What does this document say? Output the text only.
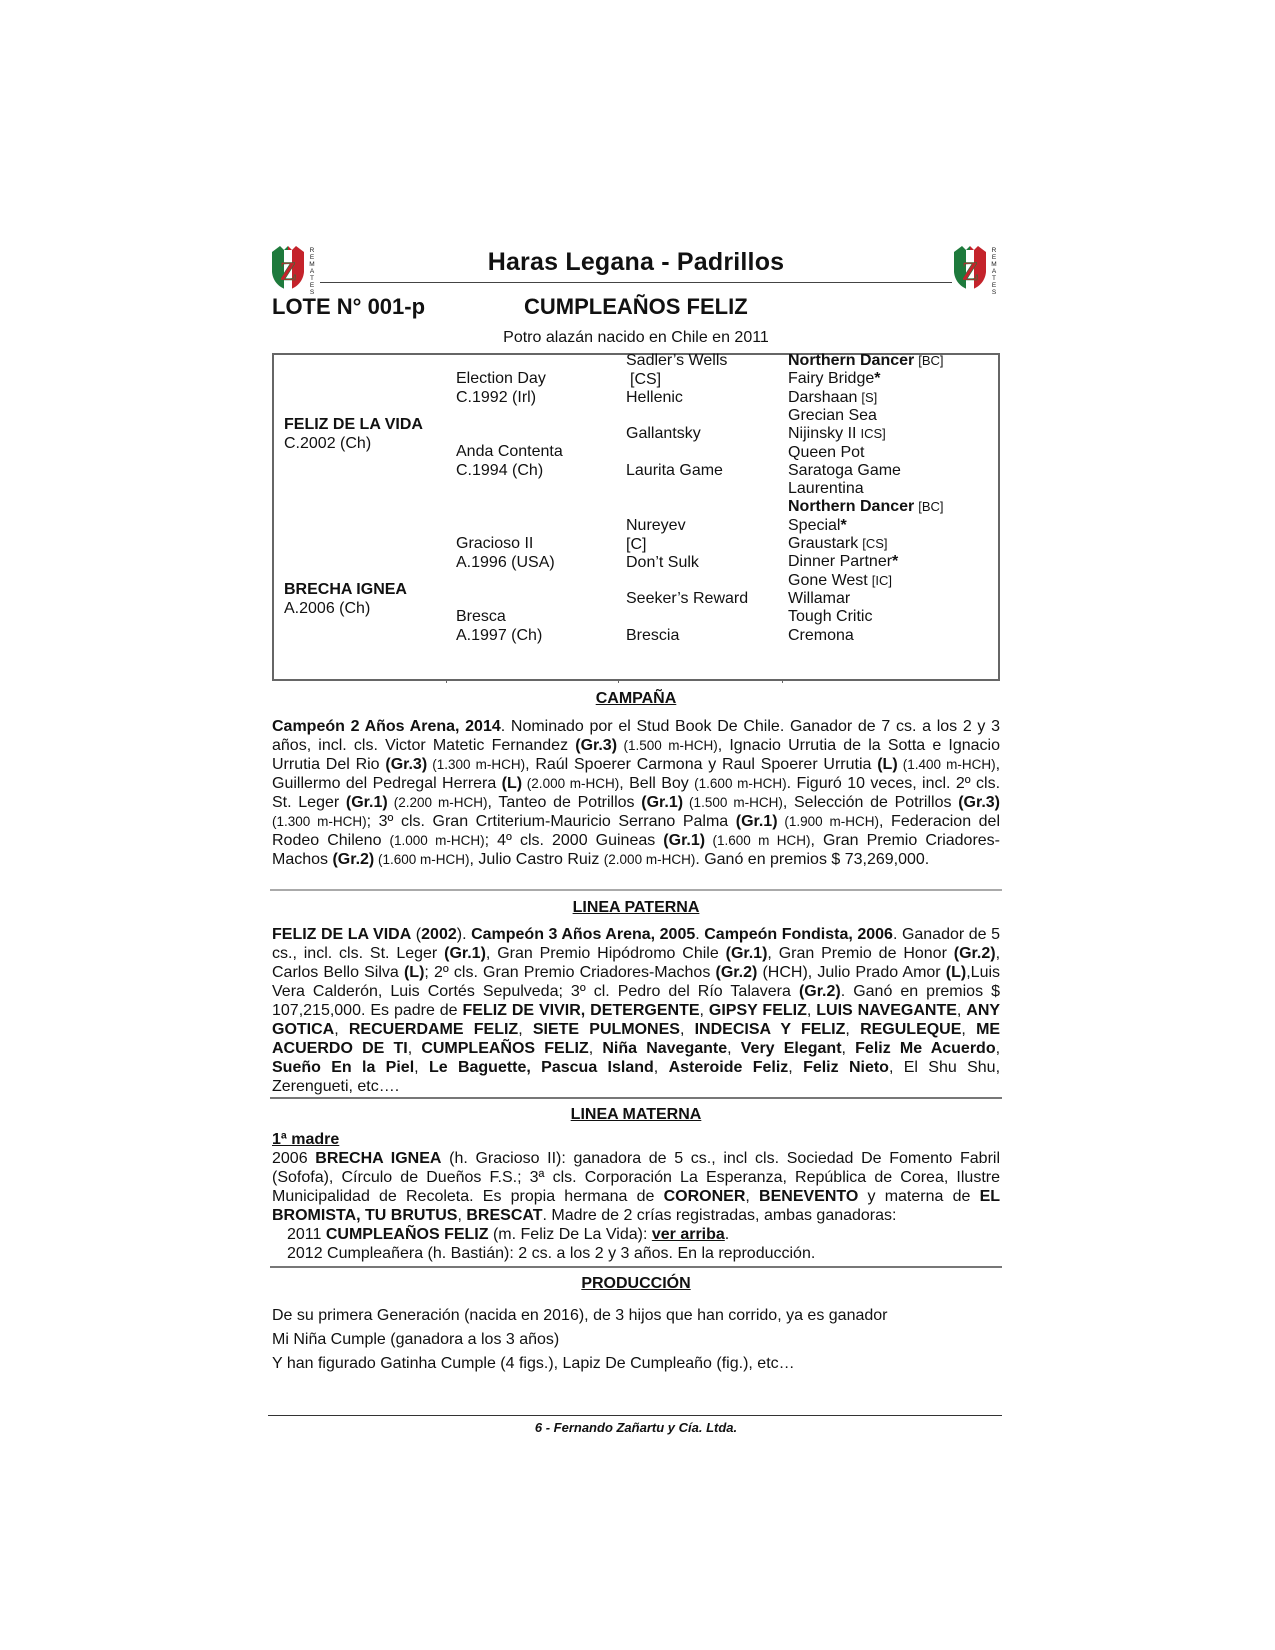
Z
R
E
M
A
T
E
S
Z
R
E
M
A
T
E
S
Haras Legana - Padrillos
LOTE N° 001-p	CUMPLEAÑOS FELIZ
Potro alazán nacido en Chile en 2011
FELIZ DE LA VIDA
C.2002 (Ch)
BRECHA IGNEA
A.2006 (Ch)
Election Day
C.1992 (Irl)
Anda Contenta
C.1994 (Ch)
Gracioso II
A.1996 (USA)
Bresca
A.1997 (Ch)
Sadler’s Wells
[CS]
Hellenic
Gallantsky
Laurita Game
Nureyev
[C]
Don’t Sulk
Seeker’s Reward
Brescia
Northern Dancer [BC]
Fairy Bridge*
Darshaan [S]
Grecian Sea
Nijinsky II ICS]
Queen Pot
Saratoga Game
Laurentina
Northern Dancer [BC]
Special*
Graustark [CS]
Dinner Partner*
Gone West [IC]
Willamar
Tough Critic
Cremona
CAMPAÑA
Campeón 2 Años Arena, 2014. Nominado por el Stud Book De Chile. Ganador de 7 cs. a los 2 y 3 años, incl. cls. Victor Matetic Fernandez (Gr.3) (1.500 m-HCH), Ignacio Urrutia de la Sotta e Ignacio Urrutia Del Rio (Gr.3) (1.300 m-HCH), Raúl Spoerer Carmona y Raul Spoerer Urrutia (L) (1.400 m-HCH), Guillermo del Pedregal Herrera (L) (2.000 m-HCH), Bell Boy (1.600 m-HCH). Figuró 10 veces, incl. 2º cls. St. Leger (Gr.1) (2.200 m-HCH), Tanteo de Potrillos (Gr.1) (1.500 m-HCH), Selección de Potrillos (Gr.3) (1.300 m-HCH); 3º cls. Gran Crtiterium-Mauricio Serrano Palma (Gr.1) (1.900 m-HCH), Federacion del Rodeo Chileno (1.000 m-HCH); 4º cls. 2000 Guineas (Gr.1) (1.600 m HCH), Gran Premio Criadores-Machos (Gr.2) (1.600 m-HCH), Julio Castro Ruiz (2.000 m-HCH). Ganó en premios $ 73,269,000.
LINEA PATERNA
FELIZ DE LA VIDA (2002). Campeón 3 Años Arena, 2005. Campeón Fondista, 2006. Ganador de 5 cs., incl. cls. St. Leger (Gr.1), Gran Premio Hipódromo Chile (Gr.1), Gran Premio de Honor (Gr.2), Carlos Bello Silva (L); 2º cls. Gran Premio Criadores-Machos (Gr.2) (HCH), Julio Prado Amor (L),Luis Vera Calderón, Luis Cortés Sepulveda; 3º cl. Pedro del Río Talavera (Gr.2). Ganó en premios $ 107,215,000. Es padre de FELIZ DE VIVIR, DETERGENTE, GIPSY FELIZ, LUIS NAVEGANTE, ANY GOTICA, RECUERDAME FELIZ, SIETE PULMONES, INDECISA Y FELIZ, REGULEQUE, ME ACUERDO DE TI, CUMPLEAÑOS FELIZ, Niña Navegante, Very Elegant, Feliz Me Acuerdo, Sueño En la Piel, Le Baguette, Pascua Island, Asteroide Feliz, Feliz Nieto, El Shu Shu, Zerengueti, etc….
LINEA MATERNA
1ª madre
2006 BRECHA IGNEA (h. Gracioso II): ganadora de 5 cs., incl cls. Sociedad De Fomento Fabril (Sofofa), Círculo de Dueños F.S.; 3ª cls. Corporación La Esperanza, República de Corea, Ilustre Municipalidad de Recoleta. Es propia hermana de CORONER, BENEVENTO y materna de EL BROMISTA, TU BRUTUS, BRESCAT. Madre de 2 crías registradas, ambas ganadoras:
2011 CUMPLEAÑOS FELIZ (m. Feliz De La Vida): ver arriba.
2012 Cumpleañera (h. Bastián): 2 cs. a los 2 y 3 años. En la reproducción.
PRODUCCIÓN
De su primera Generación (nacida en 2016), de 3 hijos que han corrido, ya es ganador
Mi Niña Cumple (ganadora a los 3 años)
Y han figurado Gatinha Cumple (4 figs.), Lapiz De Cumpleaño (fig.), etc…
6 - Fernando Zañartu y Cía. Ltda.
